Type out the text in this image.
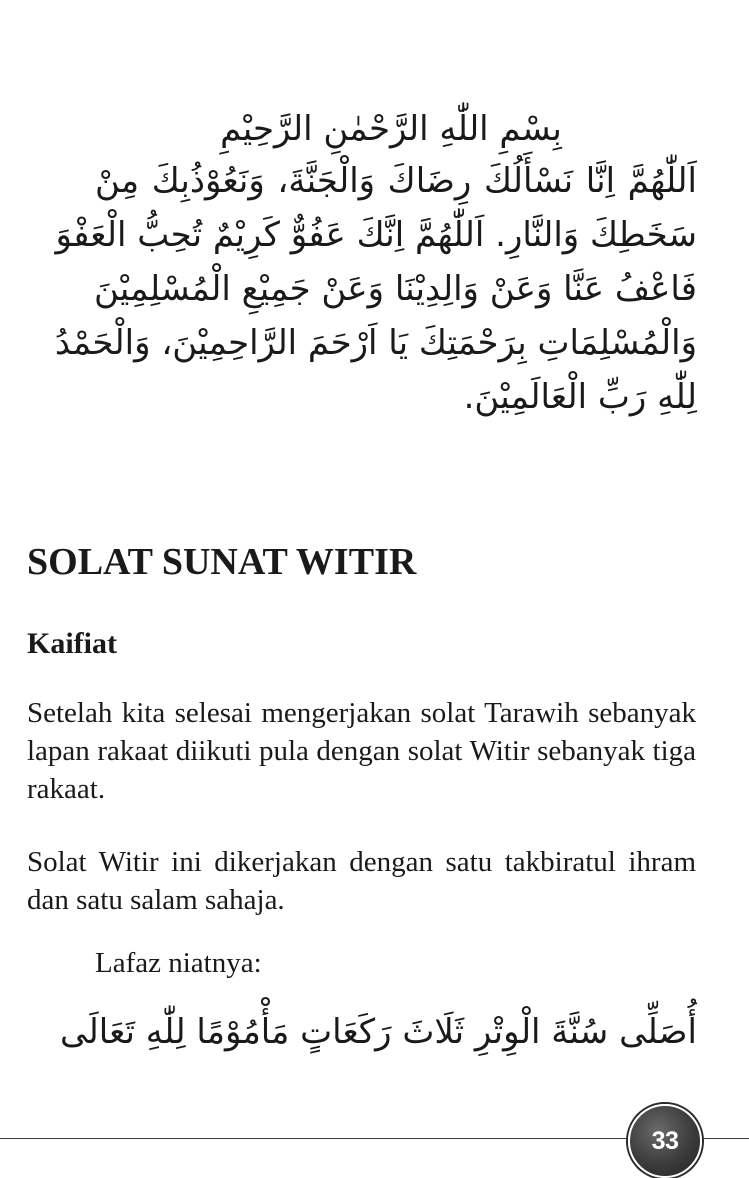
بِسْمِ اللّٰهِ الرَّحْمٰنِ الرَّحِيْمِ

اَللّٰهُمَّ اِنَّا نَسْأَلُكَ رِضَاكَ وَالْجَنَّةَ، وَنَعُوْذُبِكَ مِنْ

سَخَطِكَ وَالنَّارِ. اَللّٰهُمَّ اِنَّكَ عَفُوٌّ كَرِيْمٌ تُحِبُّ الْعَفْوَ

فَاعْفُ عَنَّا وَعَنْ وَالِدِيْنَا وَعَنْ جَمِيْعِ الْمُسْلِمِيْنَ

وَالْمُسْلِمَاتِ بِرَحْمَتِكَ يَا اَرْحَمَ الرَّاحِمِيْنَ، وَالْحَمْدُ

لِلّٰهِ رَبِّ الْعَالَمِيْنَ.

SOLAT SUNAT WITIR
Kaifiat

Setelah kita selesai mengerjakan solat Tarawih sebanyak lapan rakaat diikuti pula dengan solat Witir sebanyak tiga rakaat.

Solat Witir ini dikerjakan dengan satu takbiratul ihram dan satu salam sahaja.

Lafaz niatnya:

أُصَلِّى سُنَّةَ الْوِتْرِ ثَلَاثَ رَكَعَاتٍ مَأْمُوْمًا لِلّٰهِ تَعَالَى

33
